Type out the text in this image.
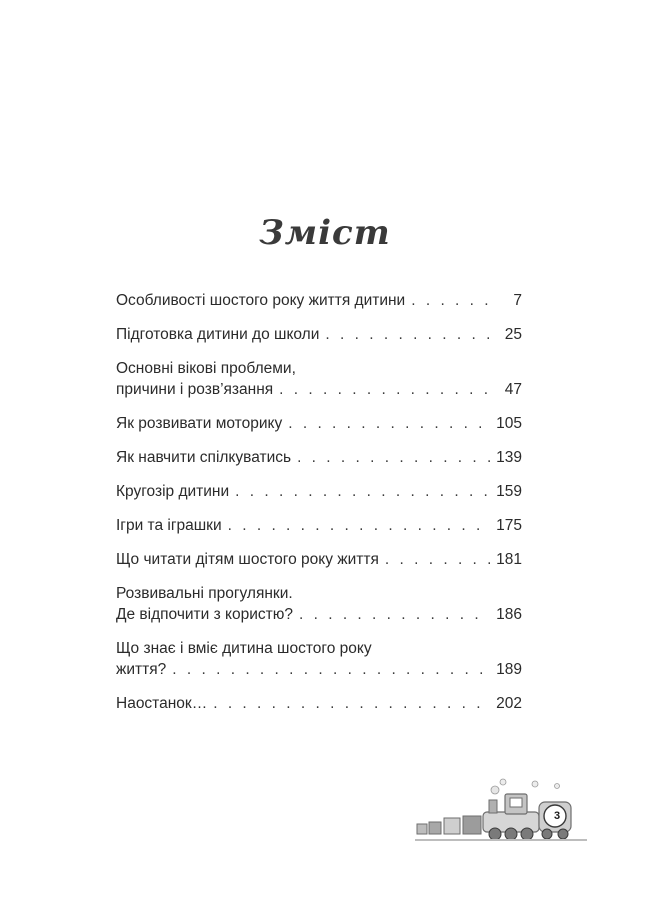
Зміст
Особливості шостого року життя дитини . . .	7
Підготовка дитини до школи . . .	25
Основні вікові проблеми,
причини і розв’язання . . .	47
Як розвивати моторику . . .	105
Як навчити спілкуватись . . .	139
Кругозір дитини . . .	159
Ігри та іграшки . . .	175
Що читати дітям шостого року життя . . .	181
Розвивальні прогулянки.
Де відпочити з користю? . . .	186
Що знає і вміє дитина шостого року
життя? . . .	189
Наостанок… . . .	202
3
